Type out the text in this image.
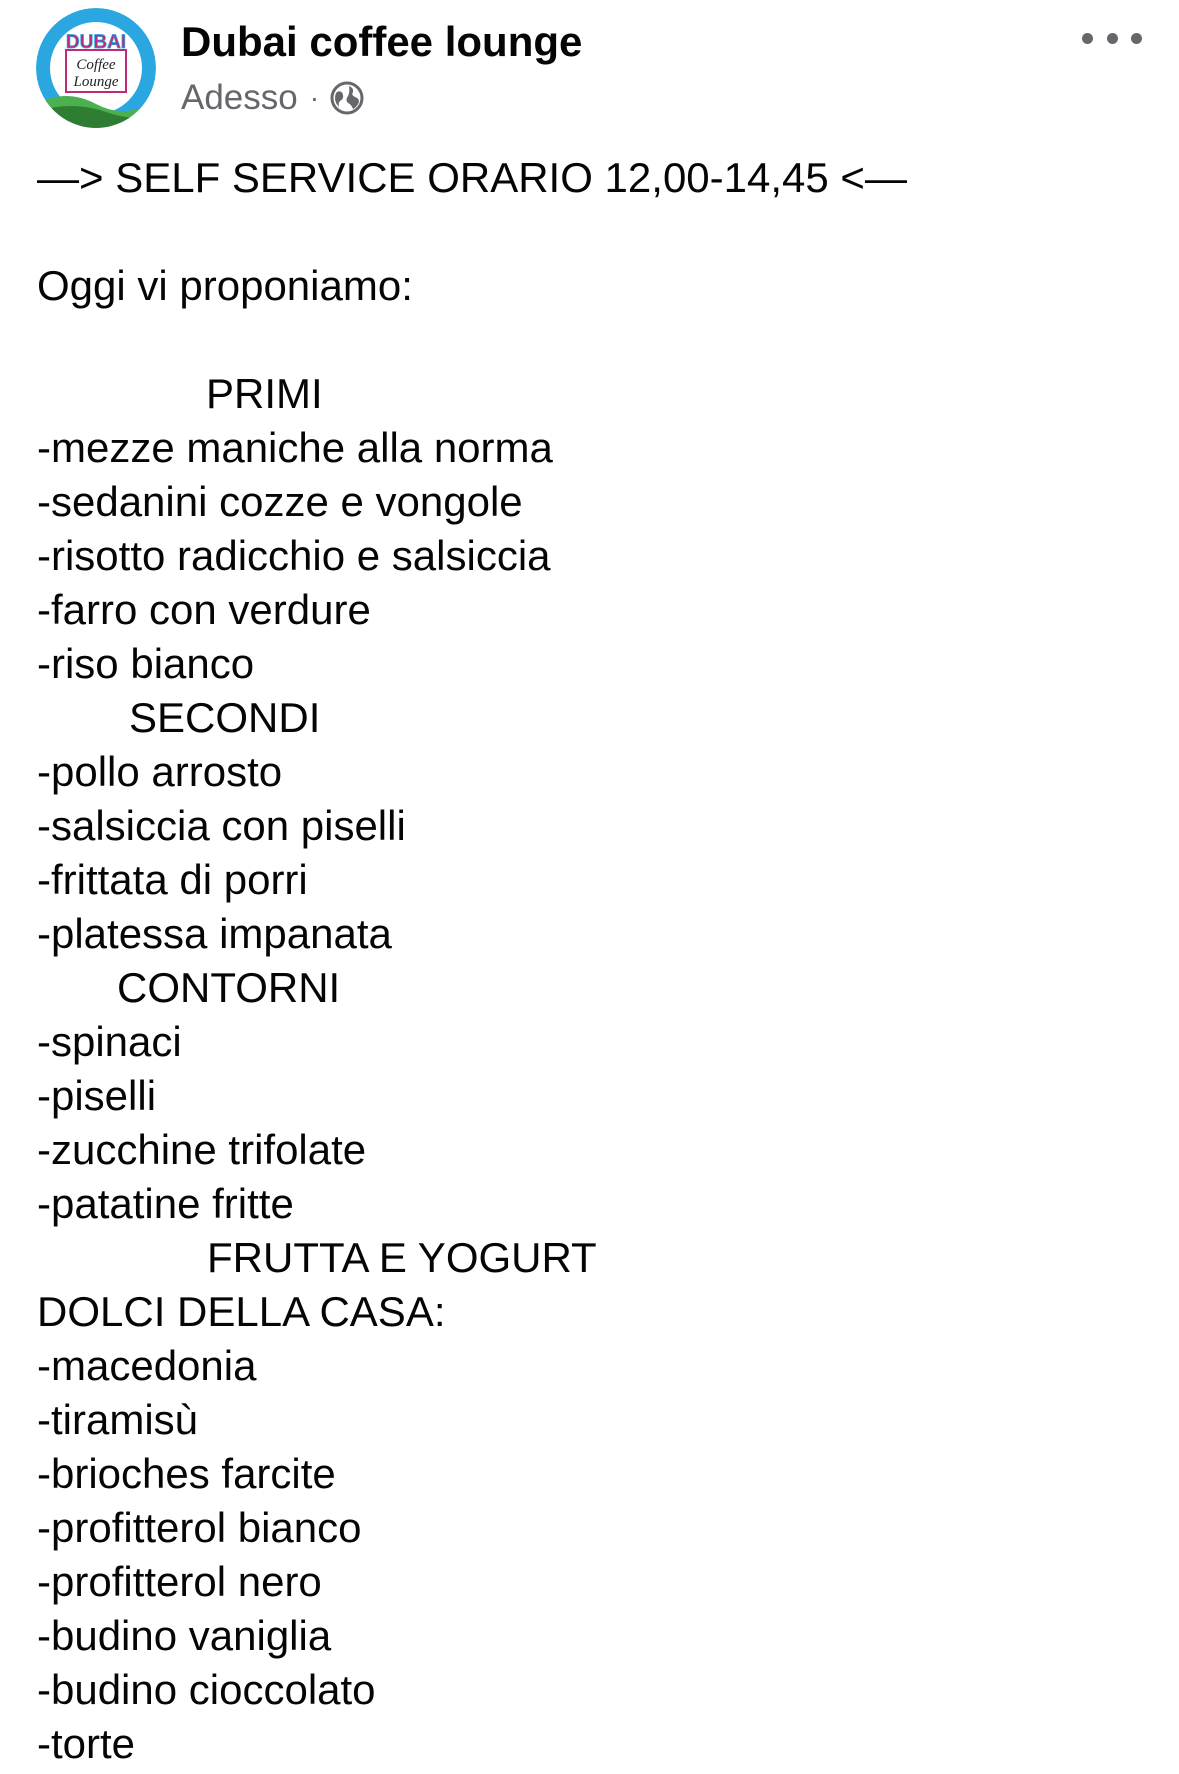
DUBAI
Coffee
Lounge
Dubai coffee lounge
Adesso ·
—> SELF SERVICE ORARIO 12,00-14,45 <—
Oggi vi proponiamo:
PRIMI
-mezze maniche alla norma
-sedanini cozze e vongole
-risotto radicchio e salsiccia
-farro con verdure
-riso bianco
SECONDI
-pollo arrosto
-salsiccia con piselli
-frittata di porri
-platessa impanata
CONTORNI
-spinaci
-piselli
-zucchine trifolate
-patatine fritte
FRUTTA E YOGURT
DOLCI DELLA CASA:
-macedonia
-tiramisù
-brioches farcite
-profitterol bianco
-profitterol nero
-budino vaniglia
-budino cioccolato
-torte
